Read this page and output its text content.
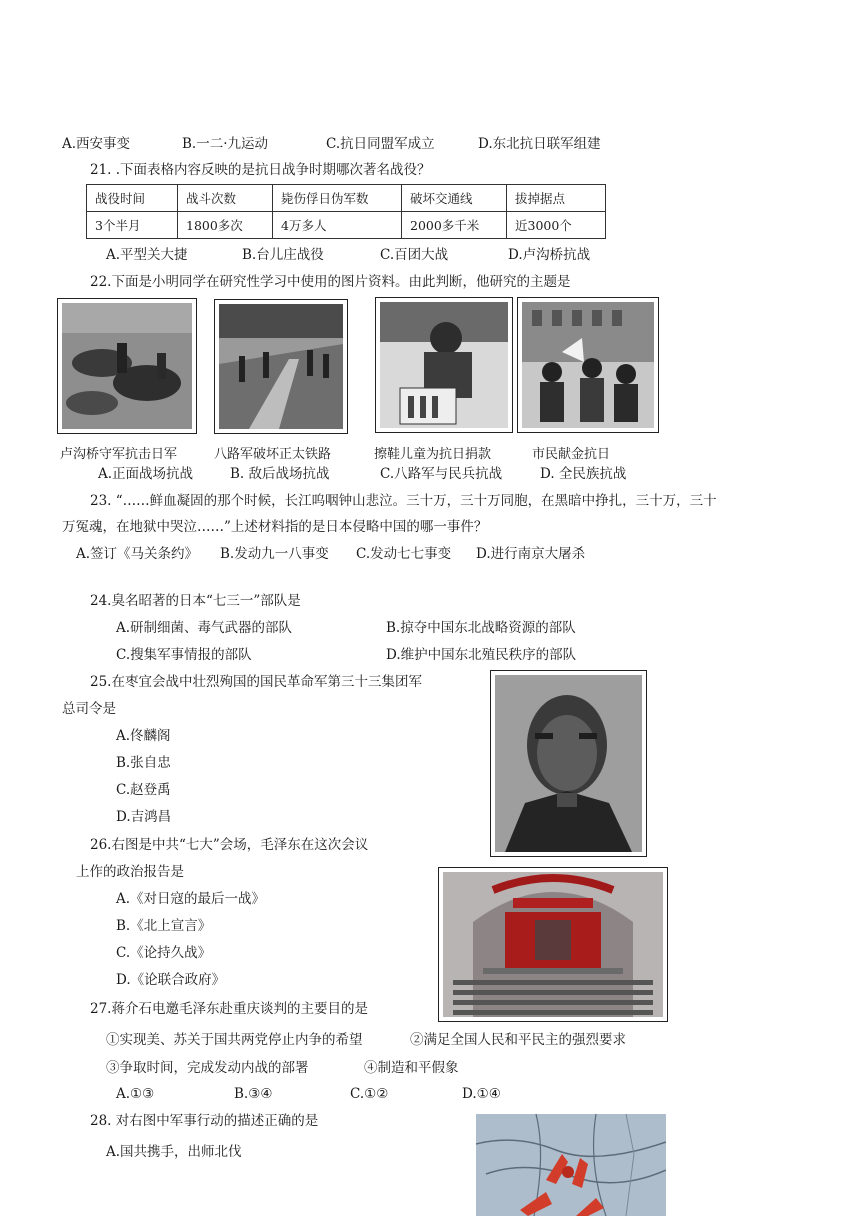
A.西安事变	B.一二·九运动	C.抗日同盟军成立	D.东北抗日联军组建
21. .下面表格内容反映的是抗日战争时期哪次著名战役？
战役时间	战斗次数	毙伤俘日伪军数	破坏交通线	拔掉据点
3个半月	1800多次	4万多人	2000多千米	近3000个
A.平型关大捷	B.台儿庄战役	C.百团大战	D.卢沟桥抗战
22.下面是小明同学在研究性学习中使用的图片资料。由此判断，他研究的主题是
卢沟桥守军抗击日军	八路军破坏正太铁路	擦鞋儿童为抗日捐款	市民献金抗日
A.正面战场抗战	B. 敌后战场抗战	C.八路军与民兵抗战	D. 全民族抗战
23. “……鲜血凝固的那个时候，长江呜咽钟山悲泣。三十万，三十万同胞，在黑暗中挣扎，三十万，三十
万冤魂，在地狱中哭泣……”上述材料指的是日本侵略中国的哪一事件？
A.签订《马关条约》 B.发动九一八事变 C.发动七七事变 D.进行南京大屠杀
24.臭名昭著的日本“七三一”部队是
A.研制细菌、毒气武器的部队	B.掠夺中国东北战略资源的部队
C.搜集军事情报的部队	D.维护中国东北殖民秩序的部队
25.在枣宜会战中壮烈殉国的国民革命军第三十三集团军
总司令是
A.佟麟阁
B.张自忠
C.赵登禹
D.吉鸿昌
26.右图是中共“七大”会场，毛泽东在这次会议
上作的政治报告是
A.《对日寇的最后一战》
B.《北上宣言》
C.《论持久战》
D.《论联合政府》
27.蒋介石电邀毛泽东赴重庆谈判的主要目的是
①实现美、苏关于国共两党停止内争的希望	②满足全国人民和平民主的强烈要求
③争取时间，完成发动内战的部署	④制造和平假象
A.①③	B.③④	C.①②	D.①④
28. 对右图中军事行动的描述正确的是
A.国共携手，出师北伐
